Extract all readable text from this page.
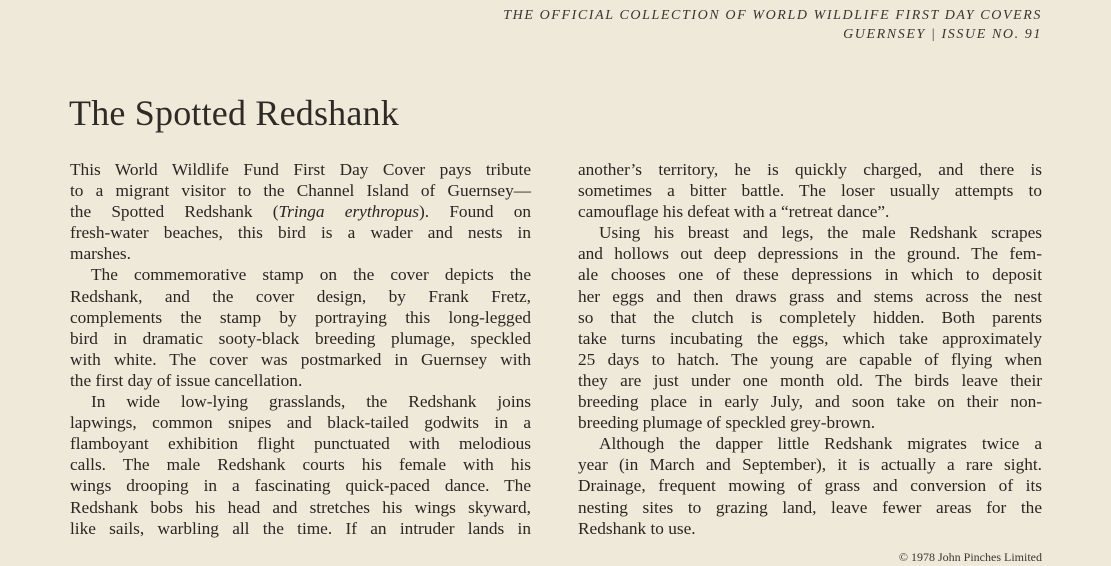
THE OFFICIAL COLLECTION OF WORLD WILDLIFE FIRST DAY COVERS
GUERNSEY | ISSUE NO. 91
The Spotted Redshank
This World Wildlife Fund First Day Cover pays tribute
to a migrant visitor to the Channel Island of Guernsey—
the Spotted Redshank (Tringa erythropus). Found on
fresh-water beaches, this bird is a wader and nests in
marshes.
The commemorative stamp on the cover depicts the
Redshank, and the cover design, by Frank Fretz,
complements the stamp by portraying this long-legged
bird in dramatic sooty-black breeding plumage, speckled
with white. The cover was postmarked in Guernsey with
the first day of issue cancellation.
In wide low-lying grasslands, the Redshank joins
lapwings, common snipes and black-tailed godwits in a
flamboyant exhibition flight punctuated with melodious
calls. The male Redshank courts his female with his
wings drooping in a fascinating quick-paced dance. The
Redshank bobs his head and stretches his wings skyward,
like sails, warbling all the time. If an intruder lands in
another’s territory, he is quickly charged, and there is
sometimes a bitter battle. The loser usually attempts to
camouflage his defeat with a “retreat dance”.
Using his breast and legs, the male Redshank scrapes
and hollows out deep depressions in the ground. The fem-
ale chooses one of these depressions in which to deposit
her eggs and then draws grass and stems across the nest
so that the clutch is completely hidden. Both parents
take turns incubating the eggs, which take approximately
25 days to hatch. The young are capable of flying when
they are just under one month old. The birds leave their
breeding place in early July, and soon take on their non-
breeding plumage of speckled grey-brown.
Although the dapper little Redshank migrates twice a
year (in March and September), it is actually a rare sight.
Drainage, frequent mowing of grass and conversion of its
nesting sites to grazing land, leave fewer areas for the
Redshank to use.
© 1978 John Pinches Limited
